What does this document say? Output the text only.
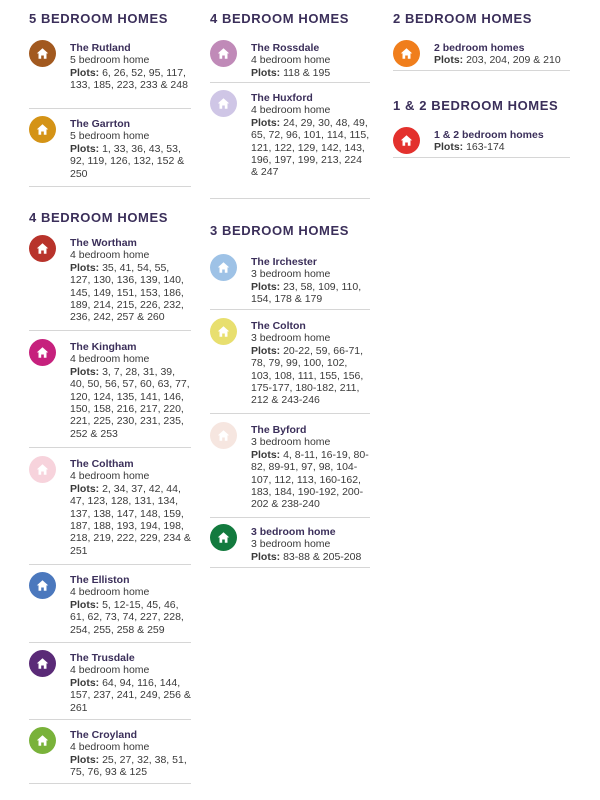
5 BEDROOM HOMES
The Rutland
5 bedroom home
Plots: 6, 26, 52, 95, 117, 133, 185, 223, 233 & 248
The Garrton
5 bedroom home
Plots: 1, 33, 36, 43, 53, 92, 119, 126, 132, 152 & 250
4 BEDROOM HOMES
The Wortham
4 bedroom home
Plots: 35, 41, 54, 55, 127, 130, 136, 139, 140, 145, 149, 151, 153, 186, 189, 214, 215, 226, 232, 236, 242, 257 & 260
The Kingham
4 bedroom home
Plots: 3, 7, 28, 31, 39, 40, 50, 56, 57, 60, 63, 77, 120, 124, 135, 141, 146, 150, 158, 216, 217, 220, 221, 225, 230, 231, 235, 252 & 253
The Coltham
4 bedroom home
Plots: 2, 34, 37, 42, 44, 47, 123, 128, 131, 134, 137, 138, 147, 148, 159, 187, 188, 193, 194, 198, 218, 219, 222, 229, 234 & 251
The Elliston
4 bedroom home
Plots: 5, 12-15, 45, 46, 61, 62, 73, 74, 227, 228, 254, 255, 258 & 259
The Trusdale
4 bedroom home
Plots: 64, 94, 116, 144, 157, 237, 241, 249, 256 & 261
The Croyland
4 bedroom home
Plots: 25, 27, 32, 38, 51, 75, 76, 93 & 125
4 BEDROOM HOMES
The Rossdale
4 bedroom home
Plots: 118 & 195
The Huxford
4 bedroom home
Plots: 24, 29, 30, 48, 49, 65, 72, 96, 101, 114, 115, 121, 122, 129, 142, 143, 196, 197, 199, 213, 224 & 247
3 BEDROOM HOMES
The Irchester
3 bedroom home
Plots: 23, 58, 109, 110, 154, 178 & 179
The Colton
3 bedroom home
Plots: 20-22, 59, 66-71, 78, 79, 99, 100, 102, 103, 108, 111, 155, 156, 175-177, 180-182, 211, 212 & 243-246
The Byford
3 bedroom home
Plots: 4, 8-11, 16-19, 80-82, 89-91, 97, 98, 104-107, 112, 113, 160-162, 183, 184, 190-192, 200-202 & 238-240
3 bedroom home
3 bedroom home
Plots: 83-88 & 205-208
2 BEDROOM HOMES
2 bedroom homes
Plots: 203, 204, 209 & 210
1 & 2 BEDROOM HOMES
1 & 2 bedroom homes
Plots: 163-174
